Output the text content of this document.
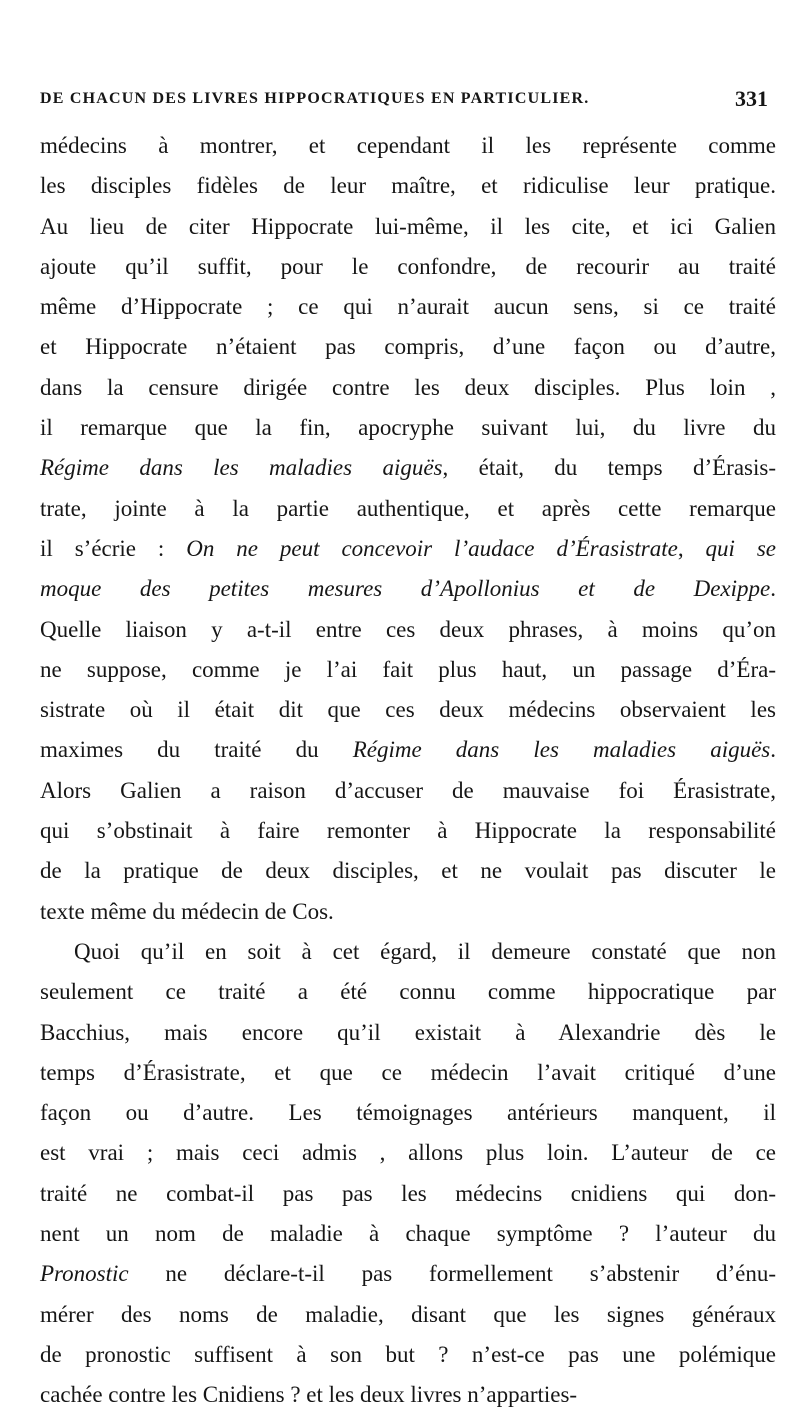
DE CHACUN DES LIVRES HIPPOCRATIQUES EN PARTICULIER.	331
médecins à montrer, et cependant il les représente comme
les disciples fidèles de leur maître, et ridiculise leur pratique.
Au lieu de citer Hippocrate lui-même, il les cite, et ici Galien
ajoute qu’il suffit, pour le confondre, de recourir au traité
même d’Hippocrate ; ce qui n’aurait aucun sens, si ce traité
et Hippocrate n’étaient pas compris, d’une façon ou d’autre,
dans la censure dirigée contre les deux disciples. Plus loin ,
il remarque que la fin, apocryphe suivant lui, du livre du
Régime dans les maladies aiguës, était, du temps d’Érasis-
trate, jointe à la partie authentique, et après cette remarque
il s’écrie : On ne peut concevoir l’audace d’Érasistrate, qui se
moque des petites mesures d’Apollonius et de Dexippe.
Quelle liaison y a-t-il entre ces deux phrases, à moins qu’on
ne suppose, comme je l’ai fait plus haut, un passage d’Éra-
sistrate où il était dit que ces deux médecins observaient les
maximes du traité du Régime dans les maladies aiguës.
Alors Galien a raison d’accuser de mauvaise foi Érasistrate,
qui s’obstinait à faire remonter à Hippocrate la responsabilité
de la pratique de deux disciples, et ne voulait pas discuter le
texte même du médecin de Cos.
Quoi qu’il en soit à cet égard, il demeure constaté que non
seulement ce traité a été connu comme hippocratique par
Bacchius, mais encore qu’il existait à Alexandrie dès le
temps d’Érasistrate, et que ce médecin l’avait critiqué d’une
façon ou d’autre. Les témoignages antérieurs manquent, il
est vrai ; mais ceci admis , allons plus loin. L’auteur de ce
traité ne combat-il pas pas les médecins cnidiens qui don-
nent un nom de maladie à chaque symptôme ? l’auteur du
Pronostic ne déclare-t-il pas formellement s’abstenir d’énu-
mérer des noms de maladie, disant que les signes généraux
de pronostic suffisent à son but ? n’est-ce pas une polémique
cachée contre les Cnidiens ? et les deux livres n’apparties-
